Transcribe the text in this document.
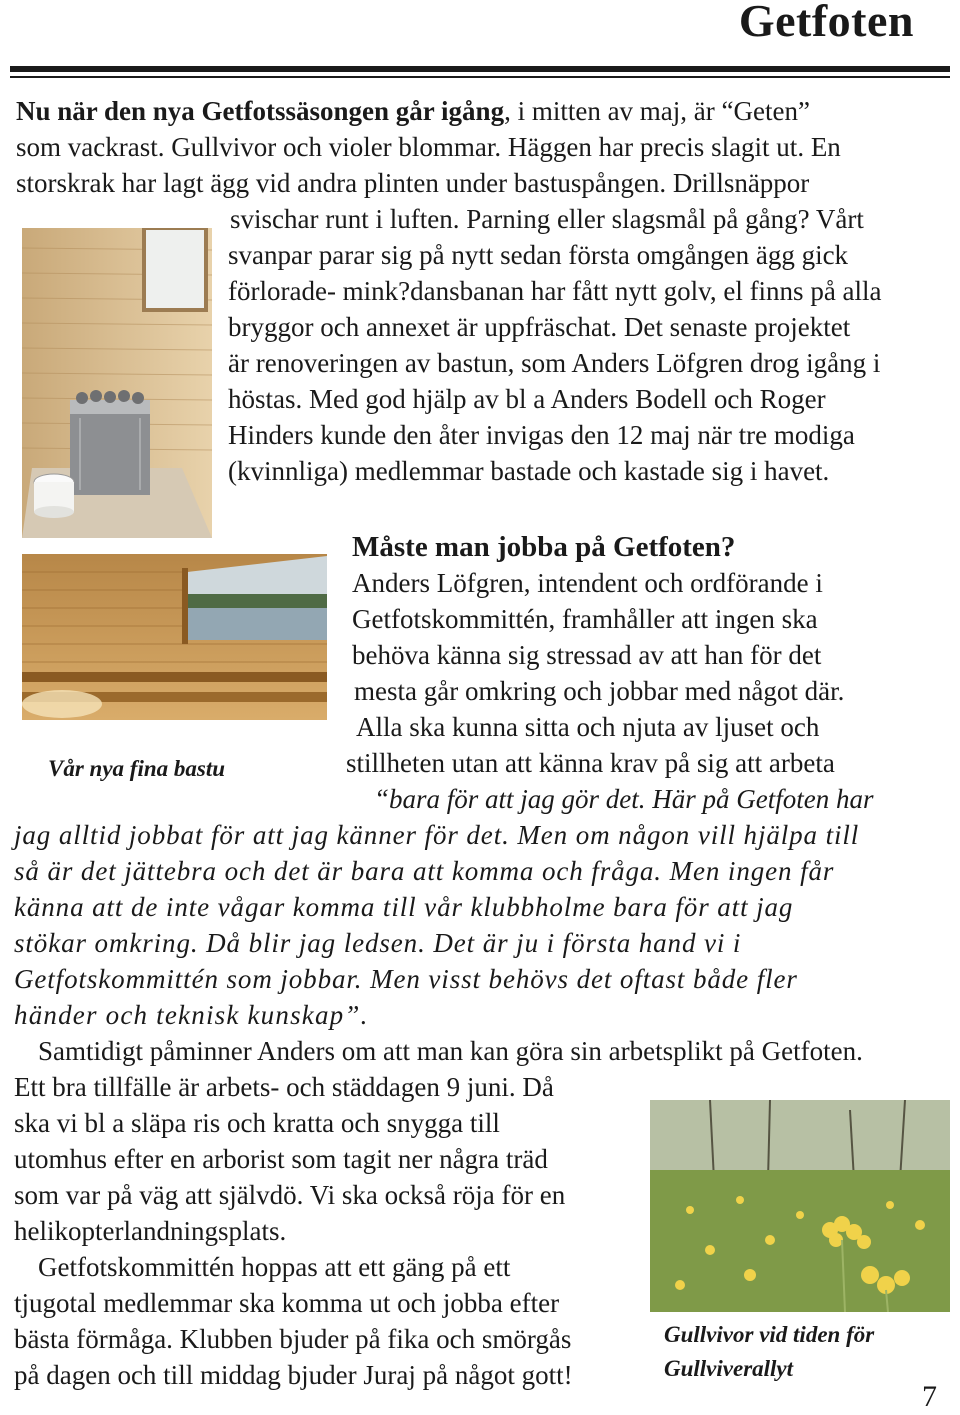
Getfoten
Nu när den nya Getfotssäsongen går igång, i mitten av maj, är “Geten”
som vackrast. Gullvivor och violer blommar. Häggen har precis slagit ut. En
storskrak har lagt ägg vid andra plinten under bastuspången. Drillsnäppor
svischar runt i luften. Parning eller slagsmål på gång? Vårt
svanpar parar sig på nytt sedan första omgången ägg gick
förlorade- mink?dansbanan har fått nytt golv, el finns på alla
bryggor och annexet är uppfräschat. Det senaste projektet
är renoveringen av bastun, som Anders Löfgren drog igång i
höstas. Med god hjälp av bl a Anders Bodell och Roger
Hinders kunde den åter invigas den 12 maj när tre modiga
(kvinnliga) medlemmar bastade och kastade sig i havet.
Vår nya fina bastu
Måste man jobba på Getfoten?
Anders Löfgren, intendent och ordförande i
Getfotskommittén, framhåller att ingen ska
behöva känna sig stressad av att han för det
mesta går omkring och jobbar med något där.
Alla ska kunna sitta och njuta av ljuset och
stillheten utan att känna krav på sig att arbeta
“bara för att jag gör det. Här på Getfoten har
jag alltid jobbat för att jag känner för det. Men om någon vill hjälpa till
så är det jättebra och det är bara att komma och fråga. Men ingen får
känna att de inte vågar komma till vår klubbholme bara för att jag
stökar omkring. Då blir jag ledsen. Det är ju i första hand vi i
Getfotskommittén som jobbar. Men visst behövs det oftast både fler
händer och teknisk kunskap”.
Samtidigt påminner Anders om att man kan göra sin arbetsplikt på Getfoten.
Ett bra tillfälle är arbets- och städdagen 9 juni. Då
ska vi bl a släpa ris och kratta och snygga till
utomhus efter en arborist som tagit ner några träd
som var på väg att självdö. Vi ska också röja för en
helikopterlandningsplats.
Getfotskommittén hoppas att ett gäng på ett
tjugotal medlemmar ska komma ut och jobba efter
bästa förmåga. Klubben bjuder på fika och smörgås
på dagen och till middag bjuder Juraj på något gott!
Gullvivor vid tiden för
Gullviverallyt
7
